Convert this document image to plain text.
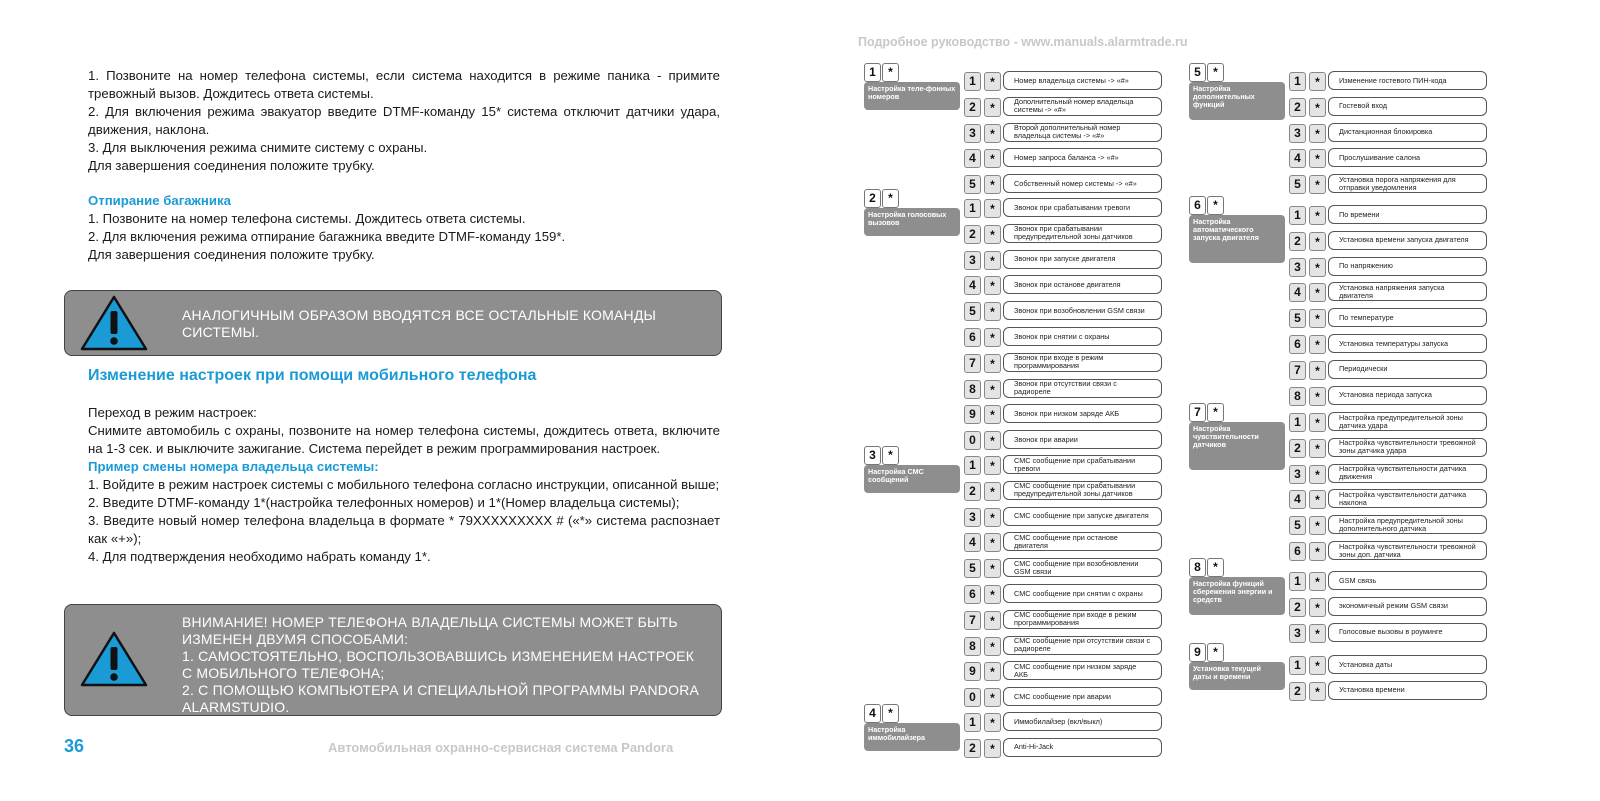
1. Позвоните на номер телефона системы, если система находится в режиме паника - примите тревожный вызов. Дождитесь ответа системы.

2. Для включения режима эвакуатор введите DTMF-команду 15* система отключит датчики удара, движения, наклона.

3. Для выключения режима снимите систему с охраны.

Для завершения соединения положите трубку.

Отпирание багажника

1. Позвоните на номер телефона системы. Дождитесь ответа системы.

2. Для включения режима отпирание багажника введите DTMF-команду 159*.

Для завершения соединения положите трубку.

АНАЛОГИЧНЫМ ОБРАЗОМ ВВОДЯТСЯ ВСЕ ОСТАЛЬНЫЕ КОМАНДЫ
СИСТЕМЫ.

Изменение настроек при помощи мобильного телефона

Переход в режим настроек:

Снимите автомобиль с охраны, позвоните на номер телефона системы, дождитесь ответа, включите на 1-3 сек. и выключите зажигание. Система перейдет в режим программирования настроек.

Пример смены номера владельца системы:

1. Войдите в режим настроек системы с мобильного телефона согласно инструкции, описанной выше;

2. Введите DTMF-команду 1*(настройка телефонных номеров) и 1*(Номер владельца системы);

3. Введите новый номер телефона владельца в формате * 79XXXXXXXXX # («*» система распознает как «+»);

4. Для подтверждения необходимо набрать команду 1*.

ВНИМАНИЕ! НОМЕР ТЕЛЕФОНА ВЛАДЕЛЬЦА СИСТЕМЫ МОЖЕТ БЫТЬ
ИЗМЕНЕН ДВУМЯ СПОСОБАМИ:
1. САМОСТОЯТЕЛЬНО, ВОСПОЛЬЗОВАВШИСЬ ИЗМЕНЕНИЕМ НАСТРОЕК
С МОБИЛЬНОГО ТЕЛЕФОНА;
2. С ПОМОЩЬЮ КОМПЬЮТЕРА И СПЕЦИАЛЬНОЙ ПРОГРАММЫ PANDORA
ALARMSTUDIO.
36	Автомобильная охранно-сервисная система Pandora
Подробное руководство - www.manuals.alarmtrade.ru
1	*
Настройка теле-фонных номеров
1	*	Номер владельца системы -> «#»
2	*	Дополнительный номер владельца системы -> «#»
3	*	Второй дополнительный номер владельца системы -> «#»
4	*	Номер запроса баланса -> «#»
5	*	Собственный номер системы -> «#»
2	*
Настройка голосовых вызовов
1	*	Звонок при срабатывании тревоги
2	*	Звонок при срабатывании предупредительной зоны датчиков
3	*	Звонок при запуске двигателя
4	*	Звонок при останове двигателя
5	*	Звонок при возобновлении GSM связи
6	*	Звонок при снятии с охраны
7	*	Звонок при входе в режим программирования
8	*	Звонок при отсутствии связи с радиореле
9	*	Звонок при низком заряде АКБ
0	*	Звонок при аварии
3	*
Настройка СМС сообщений
1	*	СМС сообщение при срабатывании тревоги
2	*	СМС сообщение при срабатывании предупредительной зоны датчиков
3	*	СМС сообщение при запуске двигателя
4	*	СМС сообщение при останове двигателя
5	*	СМС сообщение при возобновлении GSM связи
6	*	СМС сообщение при снятии с охраны
7	*	СМС сообщение при входе в режим программирования
8	*	СМС сообщение при отсутствии связи с радиореле
9	*	СМС сообщение при низком заряде АКБ
0	*	СМС сообщение при аварии
4	*
Настройка иммобилайзера
1	*	Иммобилайзер (вкл/выкл)
2	*	Anti-Hi-Jack
5	*
Настройка дополнительных функций
1	*	Изменение гостевого ПИН-кода
2	*	Гостевой вход
3	*	Дистанционная блокировка
4	*	Прослушивание салона
5	*	Установка порога напряжения для отправки уведомления
6	*
Настройка автоматического запуска двигателя
1	*	По времени
2	*	Установка времени запуска двигателя
3	*	По напряжению
4	*	Установка напряжения запуска двигателя
5	*	По температуре
6	*	Установка температуры запуска
7	*	Периодически
8	*	Установка периода запуска
7	*
Настройка чувствительности датчиков
1	*	Настройка предупредительной зоны датчика удара
2	*	Настройка чувствительности тревожной зоны датчика удара
3	*	Настройка чувствительности датчика движения
4	*	Настройка чувствительности датчика наклона
5	*	Настройка предупредительной зоны дополнительного датчика
6	*	Настройка чувствительности тревожной зоны доп. датчика
8	*
Настройка функций сбережения энергии и средств
1	*	GSM связь
2	*	экономичный режим GSM связи
3	*	Голосовые вызовы в роуминге
9	*
Установка текущей даты и времени
1	*	Установка даты
2	*	Установка времени
